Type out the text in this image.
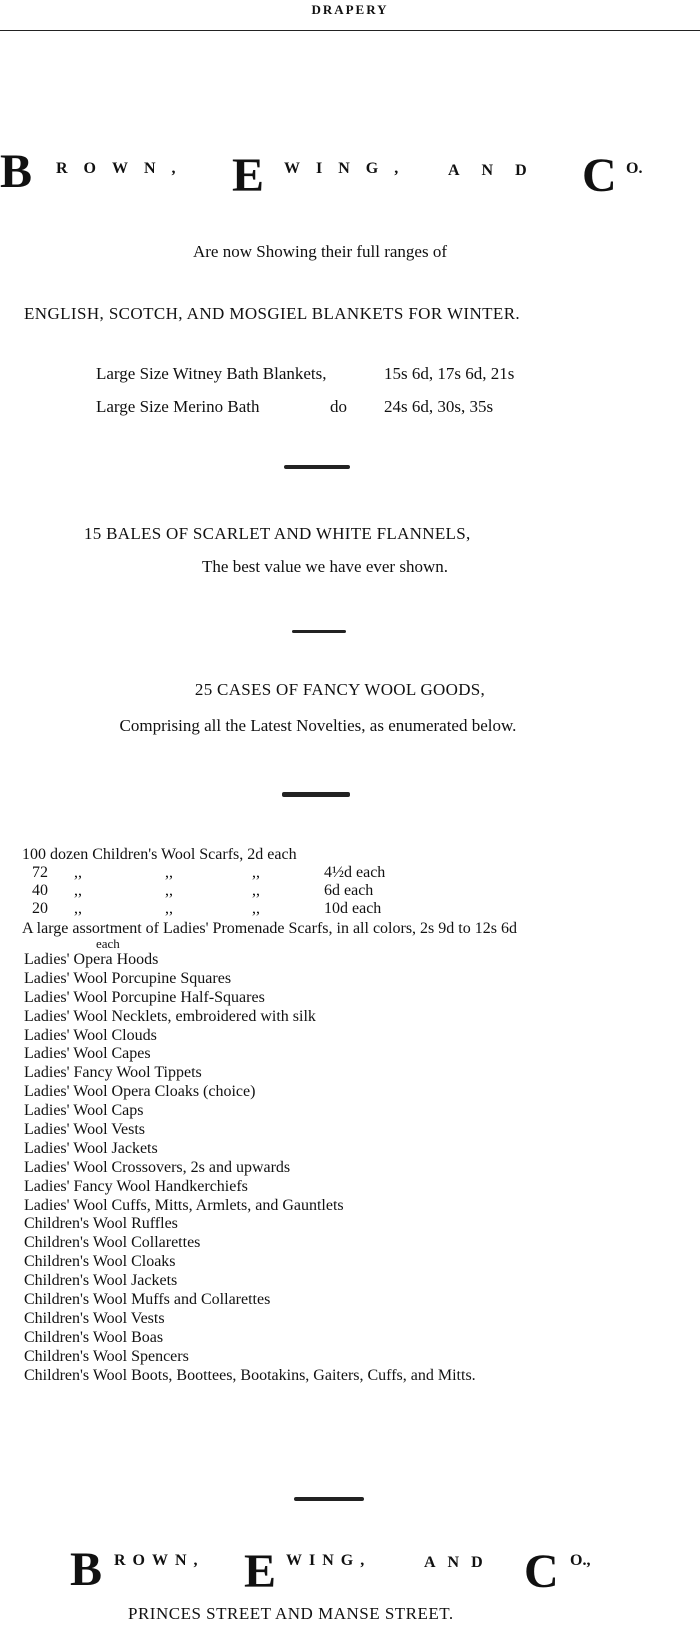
DRAPERY
B ROWN, E WING, AND C O.
Are now Showing their full ranges of
ENGLISH, SCOTCH, AND MOSGIEL BLANKETS FOR WINTER.
Large Size Witney Bath Blankets,	15s 6d, 17s 6d, 21s
Large Size Merino Bath	do 24s 6d, 30s, 35s
15 BALES OF SCARLET AND WHITE FLANNELS,
The best value we have ever shown.
25 CASES OF FANCY WOOL GOODS,
Comprising all the Latest Novelties, as enumerated below.
100 dozen Children's Wool Scarfs, 2d each
72 ,,	,,	,,	4½d each
40 ,,	,,	,,	6d each
20 ,,	,,	,,	10d each
A large assortment of Ladies' Promenade Scarfs, in all colors, 2s 9d to 12s 6d
each
Ladies' Opera Hoods
Ladies' Wool Porcupine Squares
Ladies' Wool Porcupine Half-Squares
Ladies' Wool Necklets, embroidered with silk
Ladies' Wool Clouds
Ladies' Wool Capes
Ladies' Fancy Wool Tippets
Ladies' Wool Opera Cloaks (choice)
Ladies' Wool Caps
Ladies' Wool Vests
Ladies' Wool Jackets
Ladies' Wool Crossovers, 2s and upwards
Ladies' Fancy Wool Handkerchiefs
Ladies' Wool Cuffs, Mitts, Armlets, and Gauntlets
Children's Wool Ruffles
Children's Wool Collarettes
Children's Wool Cloaks
Children's Wool Jackets
Children's Wool Muffs and Collarettes
Children's Wool Vests
Children's Wool Boas
Children's Wool Spencers
Children's Wool Boots, Boottees, Bootakins, Gaiters, Cuffs, and Mitts.
B ROWN, E WING,	AND C O.,
PRINCES STREET AND MANSE STREET.
